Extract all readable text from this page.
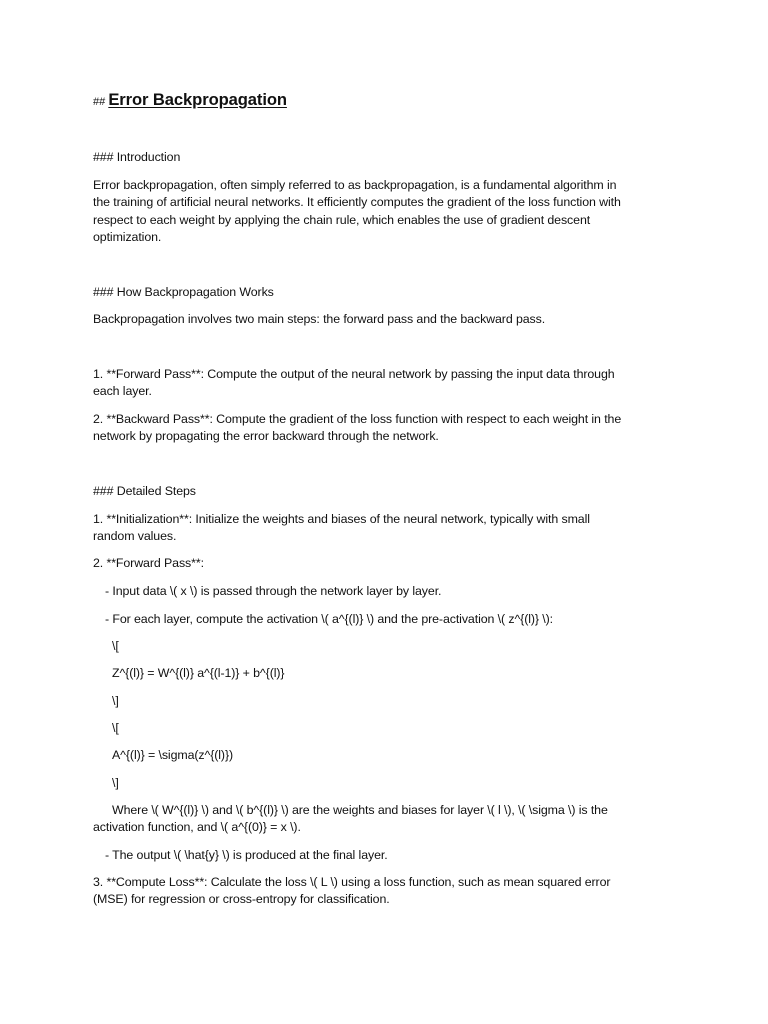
## Error Backpropagation
### Introduction
Error backpropagation, often simply referred to as backpropagation, is a fundamental algorithm in
the training of artificial neural networks. It efficiently computes the gradient of the loss function with
respect to each weight by applying the chain rule, which enables the use of gradient descent
optimization.
### How Backpropagation Works
Backpropagation involves two main steps: the forward pass and the backward pass.
1. **Forward Pass**: Compute the output of the neural network by passing the input data through
each layer.
2. **Backward Pass**: Compute the gradient of the loss function with respect to each weight in the
network by propagating the error backward through the network.
### Detailed Steps
1. **Initialization**: Initialize the weights and biases of the neural network, typically with small
random values.
2. **Forward Pass**:
- Input data \( x \) is passed through the network layer by layer.
- For each layer, compute the activation \( a^{(l)} \) and the pre-activation \( z^{(l)} \):
\[
Z^{(l)} = W^{(l)} a^{(l-1)} + b^{(l)}
\]
\[
A^{(l)} = \sigma(z^{(l)})
\]
Where \( W^{(l)} \) and \( b^{(l)} \) are the weights and biases for layer \( l \), \( \sigma \) is the
activation function, and \( a^{(0)} = x \).
- The output \( \hat{y} \) is produced at the final layer.
3. **Compute Loss**: Calculate the loss \( L \) using a loss function, such as mean squared error
(MSE) for regression or cross-entropy for classification.
